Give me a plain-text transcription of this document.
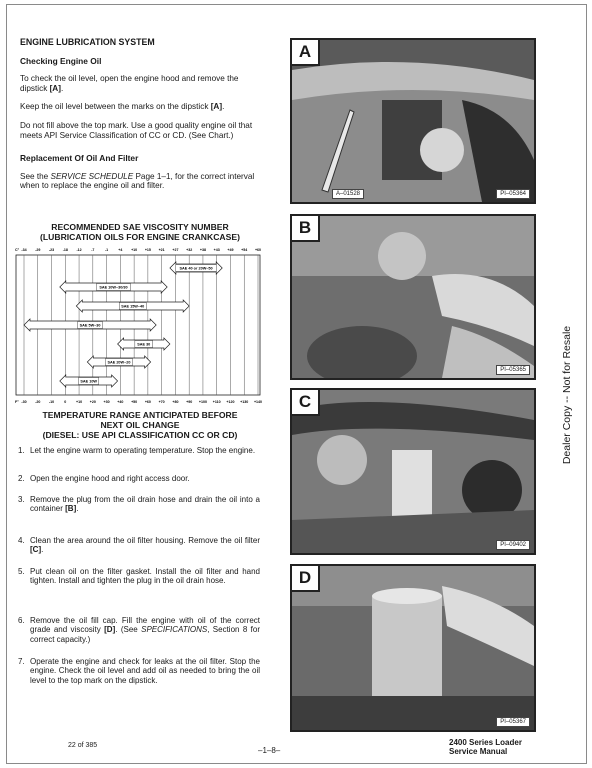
ENGINE LUBRICATION SYSTEM
Checking Engine Oil

To check the oil level, open the engine hood and remove the dipstick [A].

Keep the oil level between the marks on the dipstick [A].

Do not fill above the top mark. Use a good quality engine oil that meets API Service Classification of CC or CD. (See Chart.)

Replacement Of Oil And Filter

See the SERVICE SCHEDULE Page 1–1, for the correct interval when to replace the engine oil and filter.

RECOMMENDED SAE VISCOSITY NUMBER
(LUBRICATION OILS FOR ENGINE CRANKCASE)
SAE 40 or 20W–50
SAE 10W–30/30
SAE 15W–40
SAE 5W–30
SAE 30
SAE 20W–20
SAE 10W
-34
-30
-29
-20
-23
-10
-18
0
-12
+10
-7
+20
-1
+30
+4
+40
+10
+50
+15
+60
+21
+70
+27
+80
+32
+90
+38
+100
+43
+110
+49
+120
+54
+130
+60
+140
C°
F°
TEMPERATURE RANGE ANTICIPATED BEFORE
NEXT OIL CHANGE
(DIESEL: USE API CLASSIFICATION CC OR CD)
1. Let the engine warm to operating temperature. Stop the engine.
2. Open the engine hood and right access door.
3. Remove the plug from the oil drain hose and drain the oil into a container [B].
4. Clean the area around the oil filter housing. Remove the oil filter [C].
5. Put clean oil on the filter gasket. Install the oil filter and hand tighten. Install and tighten the plug in the oil drain hose.
6. Remove the oil fill cap. Fill the engine with oil of the correct grade and viscosity [D]. (See SPECIFICATIONS, Section 8 for correct capacity.)
7. Operate the engine and check for leaks at the oil filter. Stop the engine. Check the oil level and add oil as needed to bring the oil level to the top mark on the dipstick.
A
A–01528	PI–05364
B
PI–05365
C
PI–09402
D
PI–05367
Dealer Copy -- Not for Resale
22 of 385
–1–8–
2400 Series Loader
Service Manual
